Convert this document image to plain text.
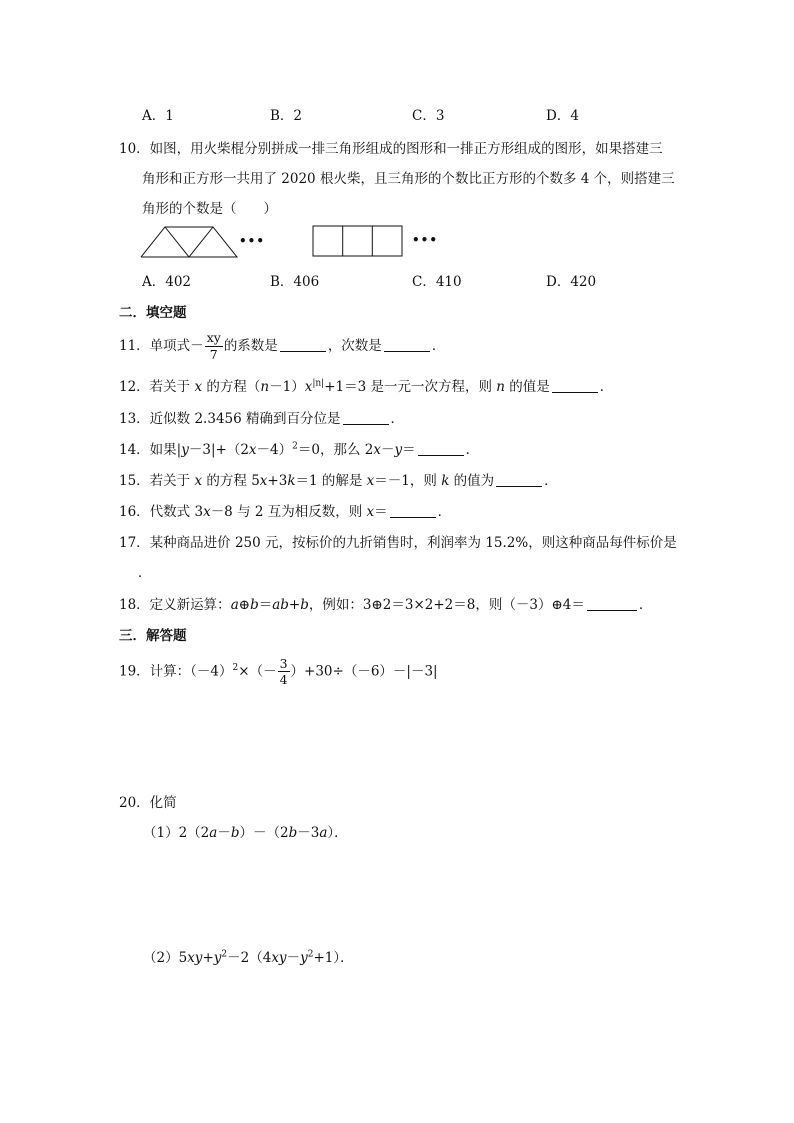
A．1	B．2	C．3	D．4
10．如图，用火柴棍分别拼成一排三角形组成的图形和一排正方形组成的图形，如果搭建三
角形和正方形一共用了 2020 根火柴，且三角形的个数比正方形的个数多 4 个，则搭建三
角形的个数是（　　）
•••	•••
A．402	B．406	C．410	D．420
二．填空题
11．单项式－ $\frac{xy}{7}$ 的系数是	，次数是	．
12．若关于 x 的方程$(n-1)x^{|n|}+1=3$ 是一元一次方程，则 n 的值是	．
13．近似数 2.3456 精确到百分位是	．
14．如果$|y-3|+(2x-4)^2=0$，那么 2x－y＝	．
15．若关于 x 的方程 5x+3k＝1 的解是 x＝－1，则 k 的值为	．
16．代数式 3x－8 与 2 互为相反数，则 x＝	．
17．某种商品进价 250 元，按标价的九折销售时，利润率为 15.2%，则这种商品每件标价是
．
18．定义新运算：a⊕b＝ab+b，例如：3⊕2＝3×2+2＝8，则（－3）⊕4＝	．
三．解答题
19．计算：$(-4)^2\times(- \frac{3}{4} )+30\div(-6)-|-3|$
20．化简
（1）2（2a－b）－（2b－3a）．
$(2)5xy+y^2-2(4xy-y^2+1)$．
